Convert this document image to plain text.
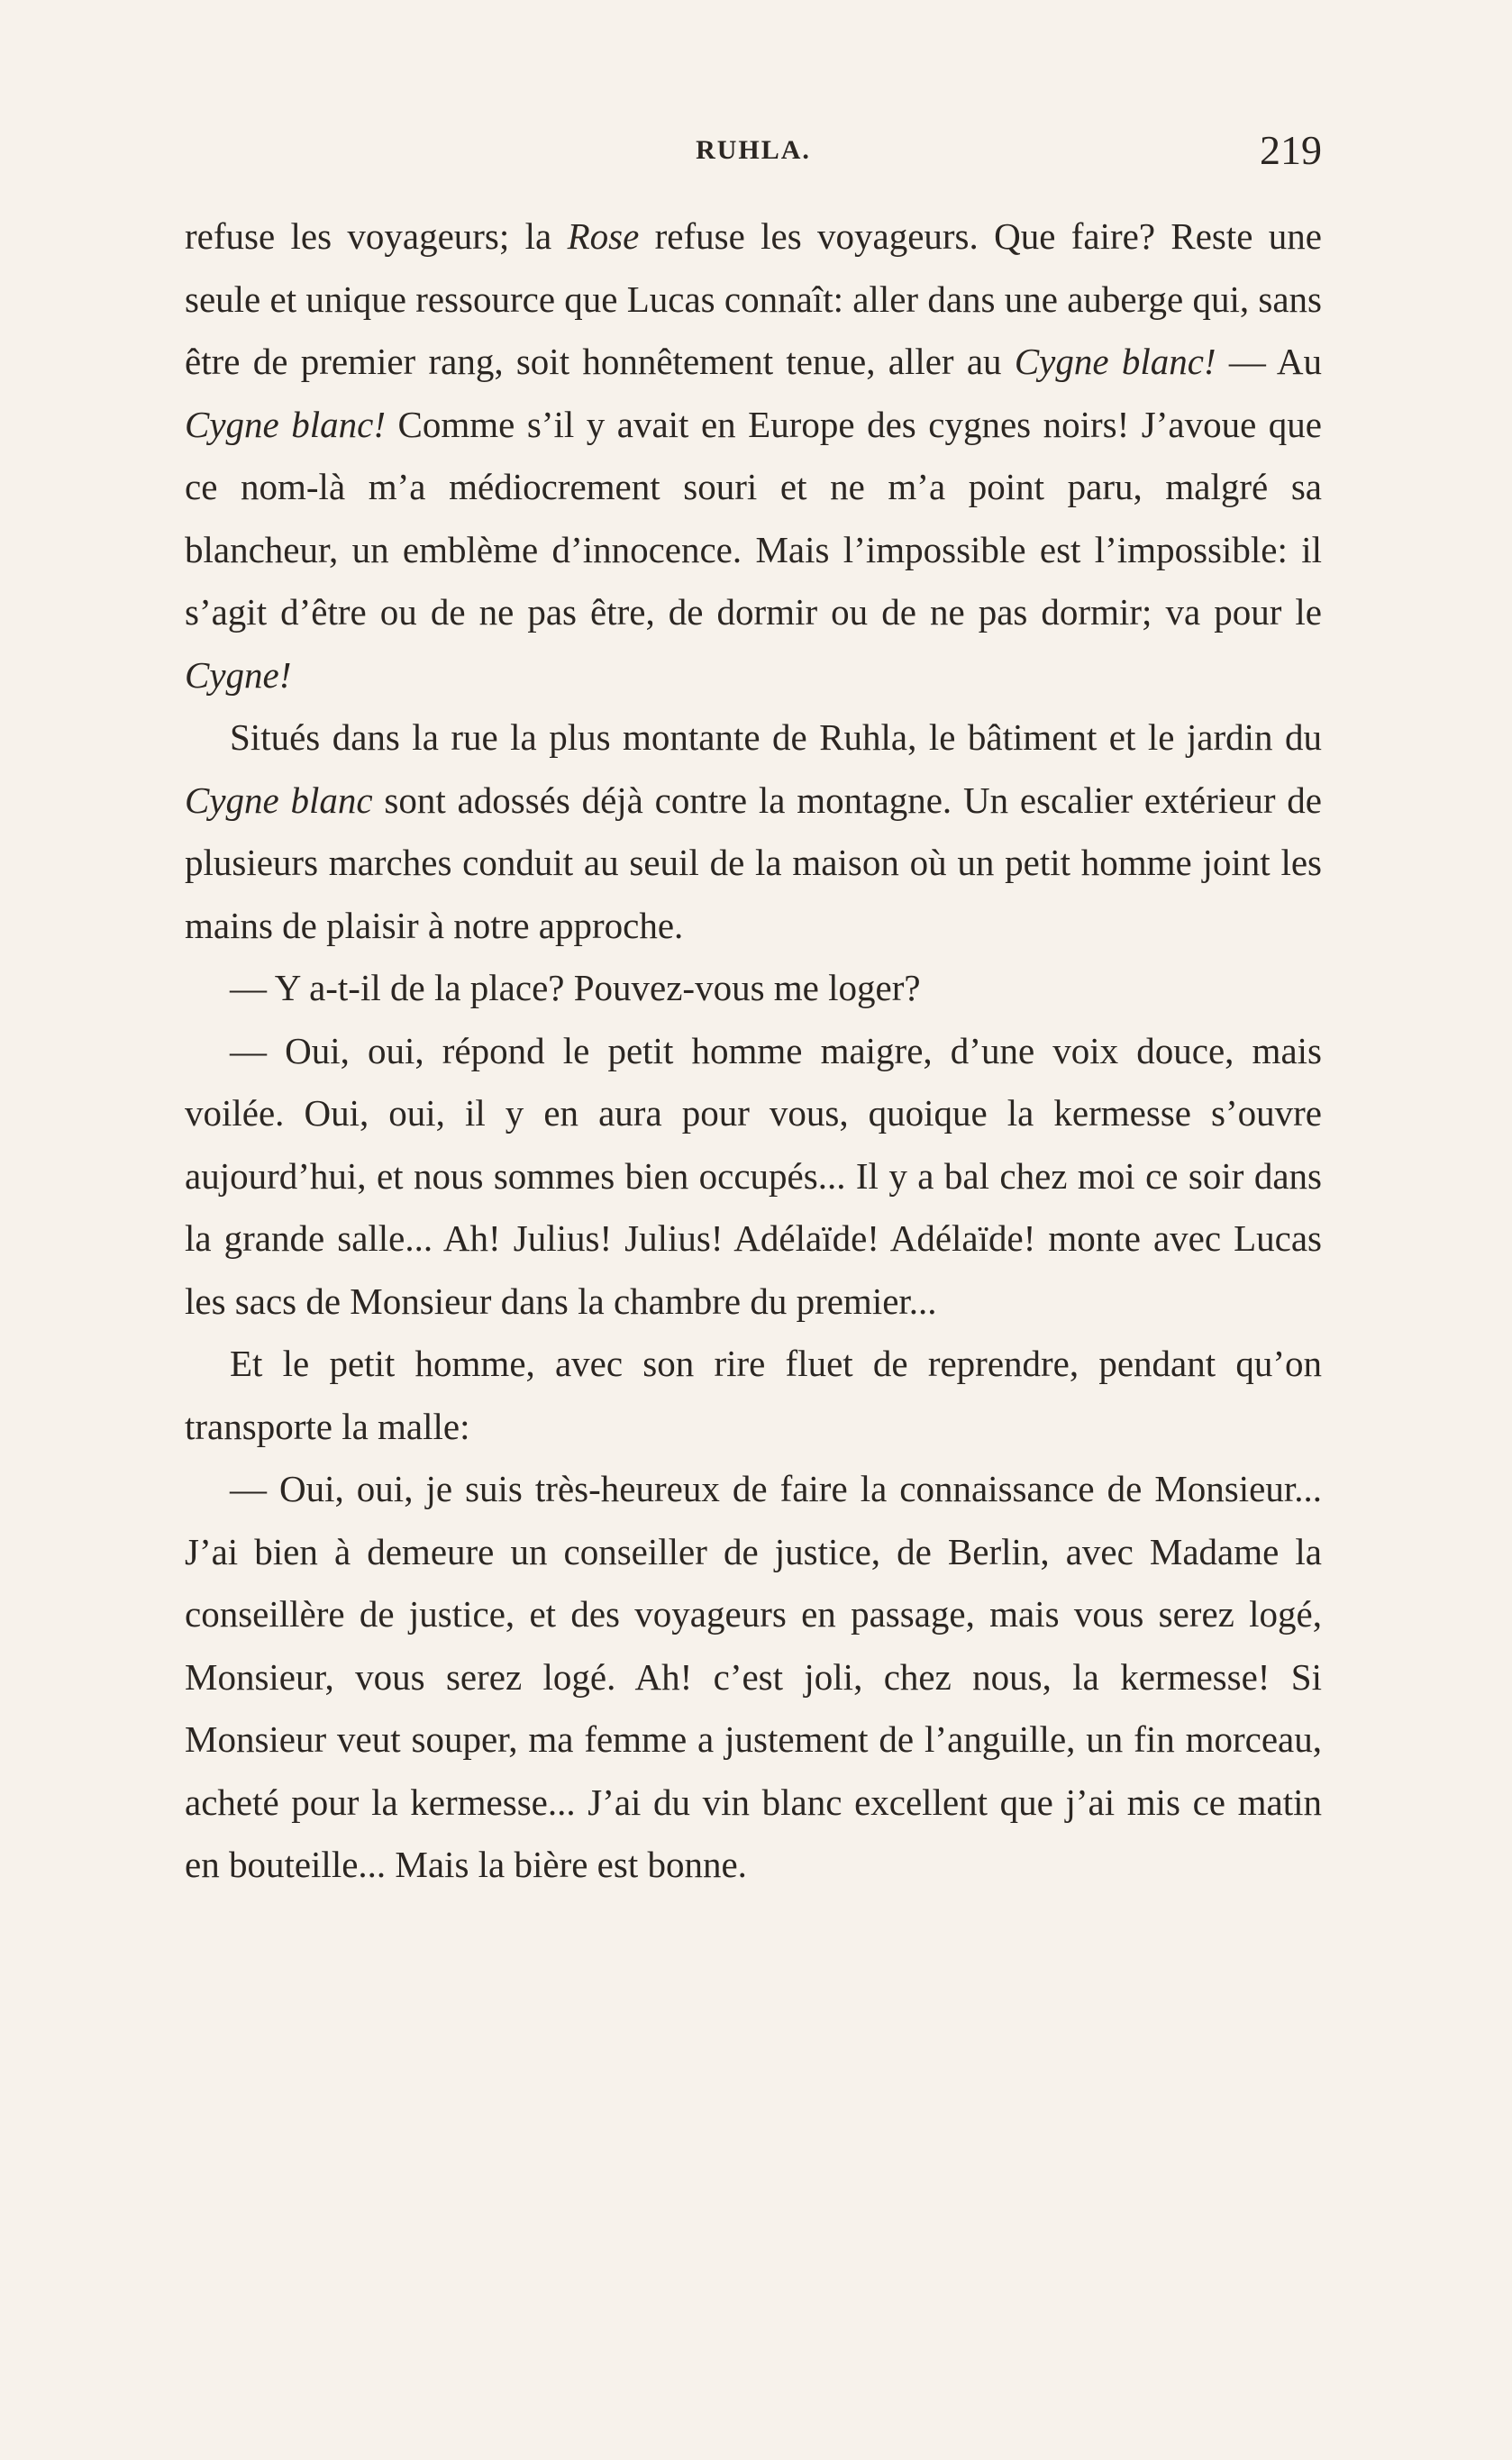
RUHLA.	219

refuse les voyageurs; la Rose refuse les voyageurs. Que faire? Reste une seule et unique ressource que Lucas connaît: aller dans une auberge qui, sans être de premier rang, soit honnêtement tenue, aller au Cygne blanc! — Au Cygne blanc! Comme s’il y avait en Europe des cygnes noirs! J’avoue que ce nom-là m’a médiocrement souri et ne m’a point paru, malgré sa blancheur, un emblème d’innocence. Mais l’impossible est l’impossible: il s’agit d’être ou de ne pas être, de dormir ou de ne pas dormir; va pour le Cygne!

Situés dans la rue la plus montante de Ruhla, le bâtiment et le jardin du Cygne blanc sont adossés déjà contre la montagne. Un escalier extérieur de plusieurs marches conduit au seuil de la maison où un petit homme joint les mains de plaisir à notre approche.

— Y a-t-il de la place? Pouvez-vous me loger?

— Oui, oui, répond le petit homme maigre, d’une voix douce, mais voilée. Oui, oui, il y en aura pour vous, quoique la kermesse s’ouvre aujourd’hui, et nous sommes bien occupés... Il y a bal chez moi ce soir dans la grande salle... Ah! Julius! Julius! Adélaïde! Adélaïde! monte avec Lucas les sacs de Monsieur dans la chambre du premier...

Et le petit homme, avec son rire fluet de reprendre, pendant qu’on transporte la malle:

— Oui, oui, je suis très-heureux de faire la connaissance de Monsieur... J’ai bien à demeure un conseiller de justice, de Berlin, avec Madame la conseillère de justice, et des voyageurs en passage, mais vous serez logé, Monsieur, vous serez logé. Ah! c’est joli, chez nous, la kermesse! Si Monsieur veut souper, ma femme a justement de l’anguille, un fin morceau, acheté pour la kermesse... J’ai du vin blanc excellent que j’ai mis ce matin en bouteille... Mais la bière est bonne.
